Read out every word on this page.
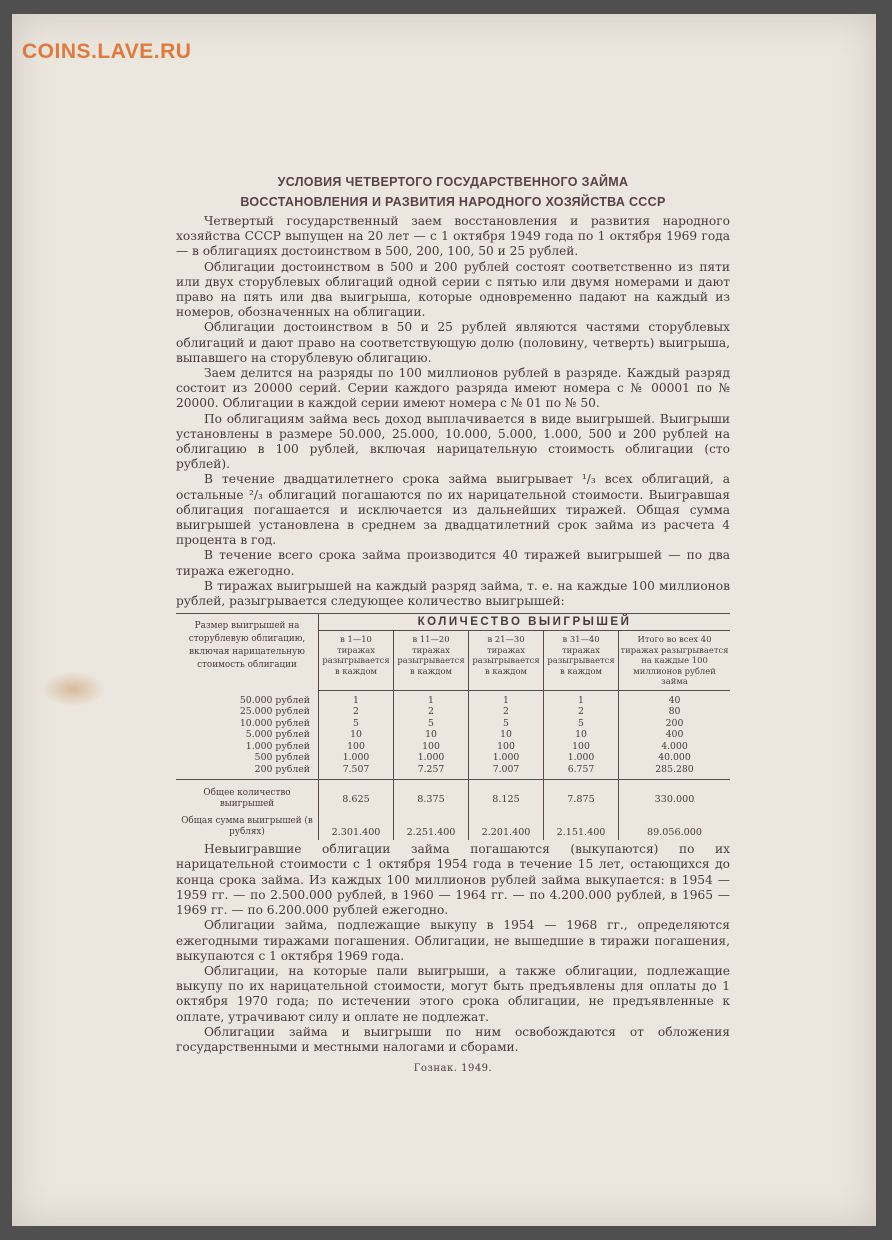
COINS.LAVE.RU
УСЛОВИЯ ЧЕТВЕРТОГО ГОСУДАРСТВЕННОГО ЗАЙМА
ВОССТАНОВЛЕНИЯ И РАЗВИТИЯ НАРОДНОГО ХОЗЯЙСТВА СССР

Четвертый государственный заем восстановления и развития народного хозяйства СССР выпущен на 20 лет — с 1 октября 1949 года по 1 октября 1969 года — в облигациях достоинством в 500, 200, 100, 50 и 25 рублей.

Облигации достоинством в 500 и 200 рублей состоят соответственно из пяти или двух сторублевых облигаций одной серии с пятью или двумя номерами и дают право на пять или два выигрыша, которые одновременно падают на каждый из номеров, обозначенных на облигации.

Облигации достоинством в 50 и 25 рублей являются частями сторублевых облигаций и дают право на соответствующую долю (половину, четверть) выигрыша, выпавшего на сторублевую облигацию.

Заем делится на разряды по 100 миллионов рублей в разряде. Каждый разряд состоит из 20000 серий. Серии каждого разряда имеют номера с № 00001 по № 20000. Облигации в каждой серии имеют номера с № 01 по № 50.

По облигациям займа весь доход выплачивается в виде выигрышей. Выигрыши установлены в размере 50.000, 25.000, 10.000, 5.000, 1.000, 500 и 200 рублей на облигацию в 100 рублей, включая нарицательную стоимость облигации (сто рублей).

В течение двадцатилетнего срока займа выигрывает ¹/₃ всех облигаций, а остальные ²/₃ облигаций погашаются по их нарицательной стоимости. Выигравшая облигация погашается и исключается из дальнейших тиражей. Общая сумма выигрышей установлена в среднем за двадцатилетний срок займа из расчета 4 процента в год.

В течение всего срока займа производится 40 тиражей выигрышей — по два тиража ежегодно.

В тиражах выигрышей на каждый разряд займа, т. е. на каждые 100 миллионов рублей, разыгрывается следующее количество выигрышей:

Размер выигрышей на сторублевую облигацию, включая нарицательную стоимость облигации	КОЛИЧЕСТВО ВЫИГРЫШЕЙ				
	в 1—10 тиражах разыгрывается в каждом	в 11—20 тиражах разыгрывается в каждом	в 21—30 тиражах разыгрывается в каждом	в 31—40 тиражах разыгрывается в каждом	Итого во всех 40 тиражах разыгрывается на каждые 100 миллионов рублей займа

50.000 рублей	1	1	1	1	40
25.000 рублей	2	2	2	2	80
10.000 рублей	5	5	5	5	200
5.000 рублей	10	10	10	10	400
1.000 рублей	100	100	100	100	4.000
500 рублей	1.000	1.000	1.000	1.000	40.000
200 рублей	7.507	7.257	7.007	6.757	285.280
Общее количество выигрышей	8.625	8.375	8.125	7.875	330.000
Общая сумма выигрышей (в рублях)	2.301.400	2.251.400	2.201.400	2.151.400	89.056.000

Невыигравшие облигации займа погашаются (выкупаются) по их нарицательной стоимости с 1 октября 1954 года в течение 15 лет, остающихся до конца срока займа. Из каждых 100 миллионов рублей займа выкупается: в 1954 — 1959 гг. — по 2.500.000 рублей, в 1960 — 1964 гг. — по 4.200.000 рублей, в 1965 — 1969 гг. — по 6.200.000 рублей ежегодно.

Облигации займа, подлежащие выкупу в 1954 — 1968 гг., определяются ежегодными тиражами погашения. Облигации, не вышедшие в тиражи погашения, выкупаются с 1 октября 1969 года.

Облигации, на которые пали выигрыши, а также облигации, подлежащие выкупу по их нарицательной стоимости, могут быть предъявлены для оплаты до 1 октября 1970 года; по истечении этого срока облигации, не предъявленные к оплате, утрачивают силу и оплате не подлежат.

Облигации займа и выигрыши по ним освобождаются от обложения государственными и местными налогами и сборами.

Гознак. 1949.
